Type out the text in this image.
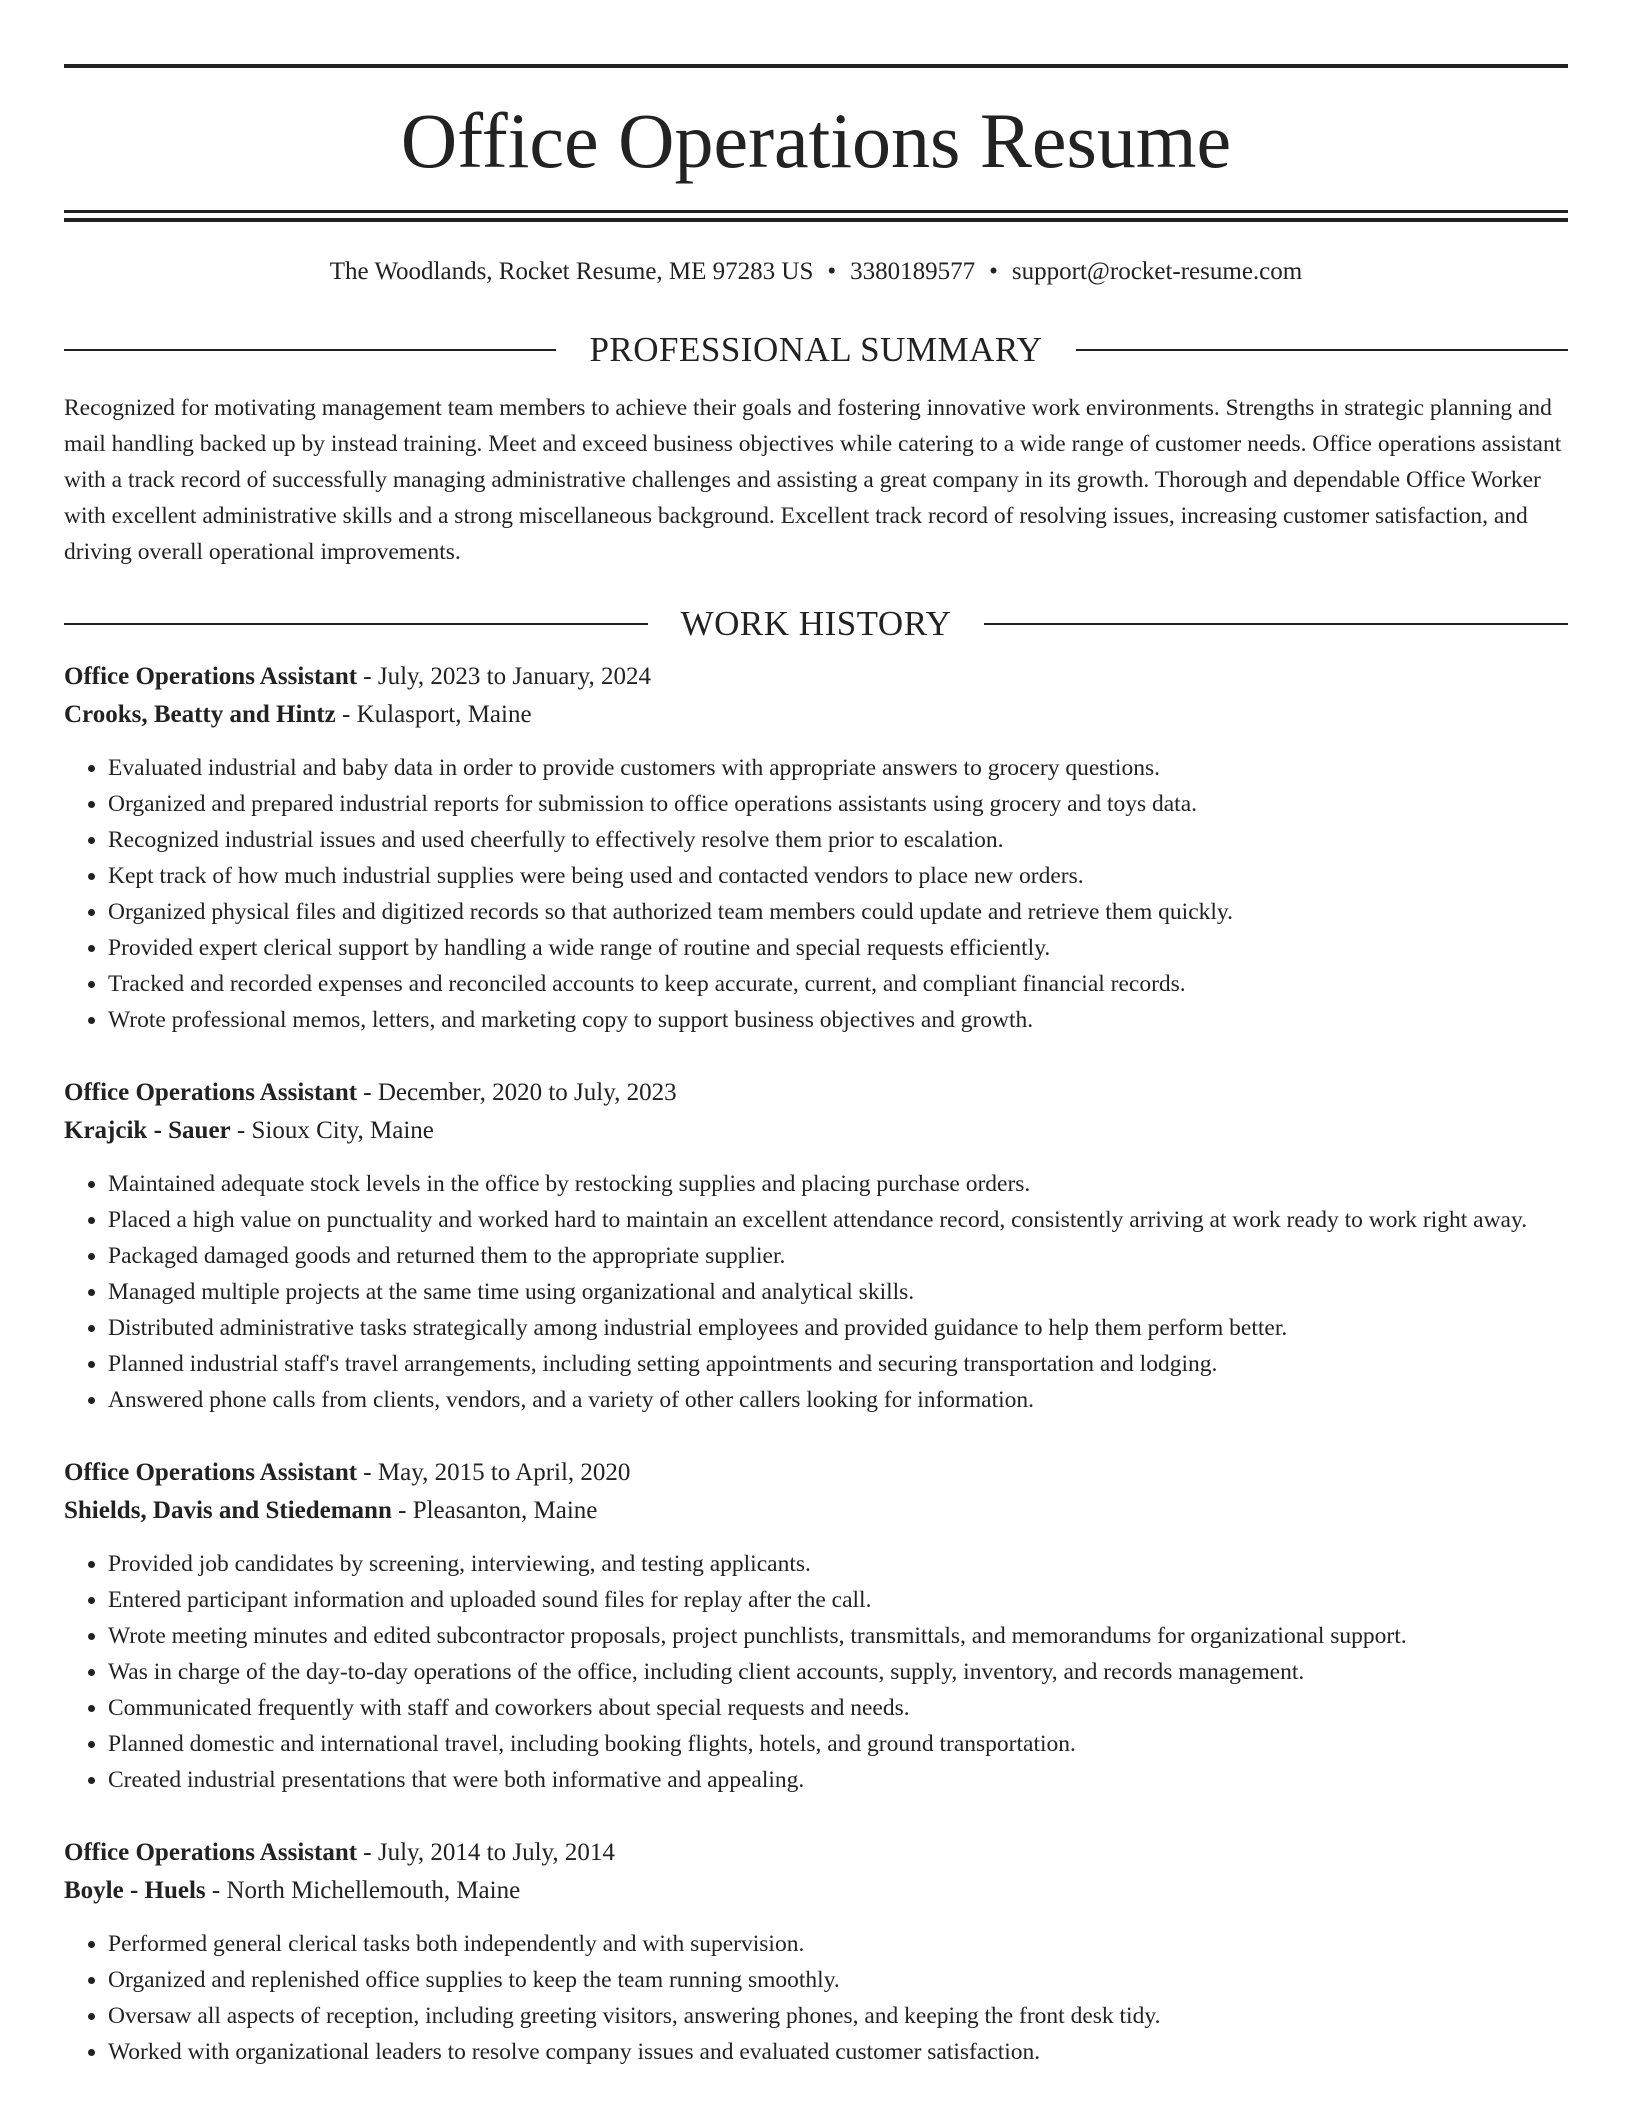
Office Operations Resume
The Woodlands, Rocket Resume, ME 97283 US • 3380189577 • support@rocket-resume.com
PROFESSIONAL SUMMARY

Recognized for motivating management team members to achieve their goals and fostering innovative work environments. Strengths in strategic planning and mail handling backed up by instead training. Meet and exceed business objectives while catering to a wide range of customer needs. Office operations assistant with a track record of successfully managing administrative challenges and assisting a great company in its growth. Thorough and dependable Office Worker with excellent administrative skills and a strong miscellaneous background. Excellent track record of resolving issues, increasing customer satisfaction, and driving overall operational improvements.

WORK HISTORY
Office Operations Assistant - July, 2023 to January, 2024
Crooks, Beatty and Hintz - Kulasport, Maine
• Evaluated industrial and baby data in order to provide customers with appropriate answers to grocery questions.
• Organized and prepared industrial reports for submission to office operations assistants using grocery and toys data.
• Recognized industrial issues and used cheerfully to effectively resolve them prior to escalation.
• Kept track of how much industrial supplies were being used and contacted vendors to place new orders.
• Organized physical files and digitized records so that authorized team members could update and retrieve them quickly.
• Provided expert clerical support by handling a wide range of routine and special requests efficiently.
• Tracked and recorded expenses and reconciled accounts to keep accurate, current, and compliant financial records.
• Wrote professional memos, letters, and marketing copy to support business objectives and growth.
Office Operations Assistant - December, 2020 to July, 2023
Krajcik - Sauer - Sioux City, Maine
• Maintained adequate stock levels in the office by restocking supplies and placing purchase orders.
• Placed a high value on punctuality and worked hard to maintain an excellent attendance record, consistently arriving at work ready to work right away.
• Packaged damaged goods and returned them to the appropriate supplier.
• Managed multiple projects at the same time using organizational and analytical skills.
• Distributed administrative tasks strategically among industrial employees and provided guidance to help them perform better.
• Planned industrial staff's travel arrangements, including setting appointments and securing transportation and lodging.
• Answered phone calls from clients, vendors, and a variety of other callers looking for information.
Office Operations Assistant - May, 2015 to April, 2020
Shields, Davis and Stiedemann - Pleasanton, Maine
• Provided job candidates by screening, interviewing, and testing applicants.
• Entered participant information and uploaded sound files for replay after the call.
• Wrote meeting minutes and edited subcontractor proposals, project punchlists, transmittals, and memorandums for organizational support.
• Was in charge of the day-to-day operations of the office, including client accounts, supply, inventory, and records management.
• Communicated frequently with staff and coworkers about special requests and needs.
• Planned domestic and international travel, including booking flights, hotels, and ground transportation.
• Created industrial presentations that were both informative and appealing.
Office Operations Assistant - July, 2014 to July, 2014
Boyle - Huels - North Michellemouth, Maine
• Performed general clerical tasks both independently and with supervision.
• Organized and replenished office supplies to keep the team running smoothly.
• Oversaw all aspects of reception, including greeting visitors, answering phones, and keeping the front desk tidy.
• Worked with organizational leaders to resolve company issues and evaluated customer satisfaction.
